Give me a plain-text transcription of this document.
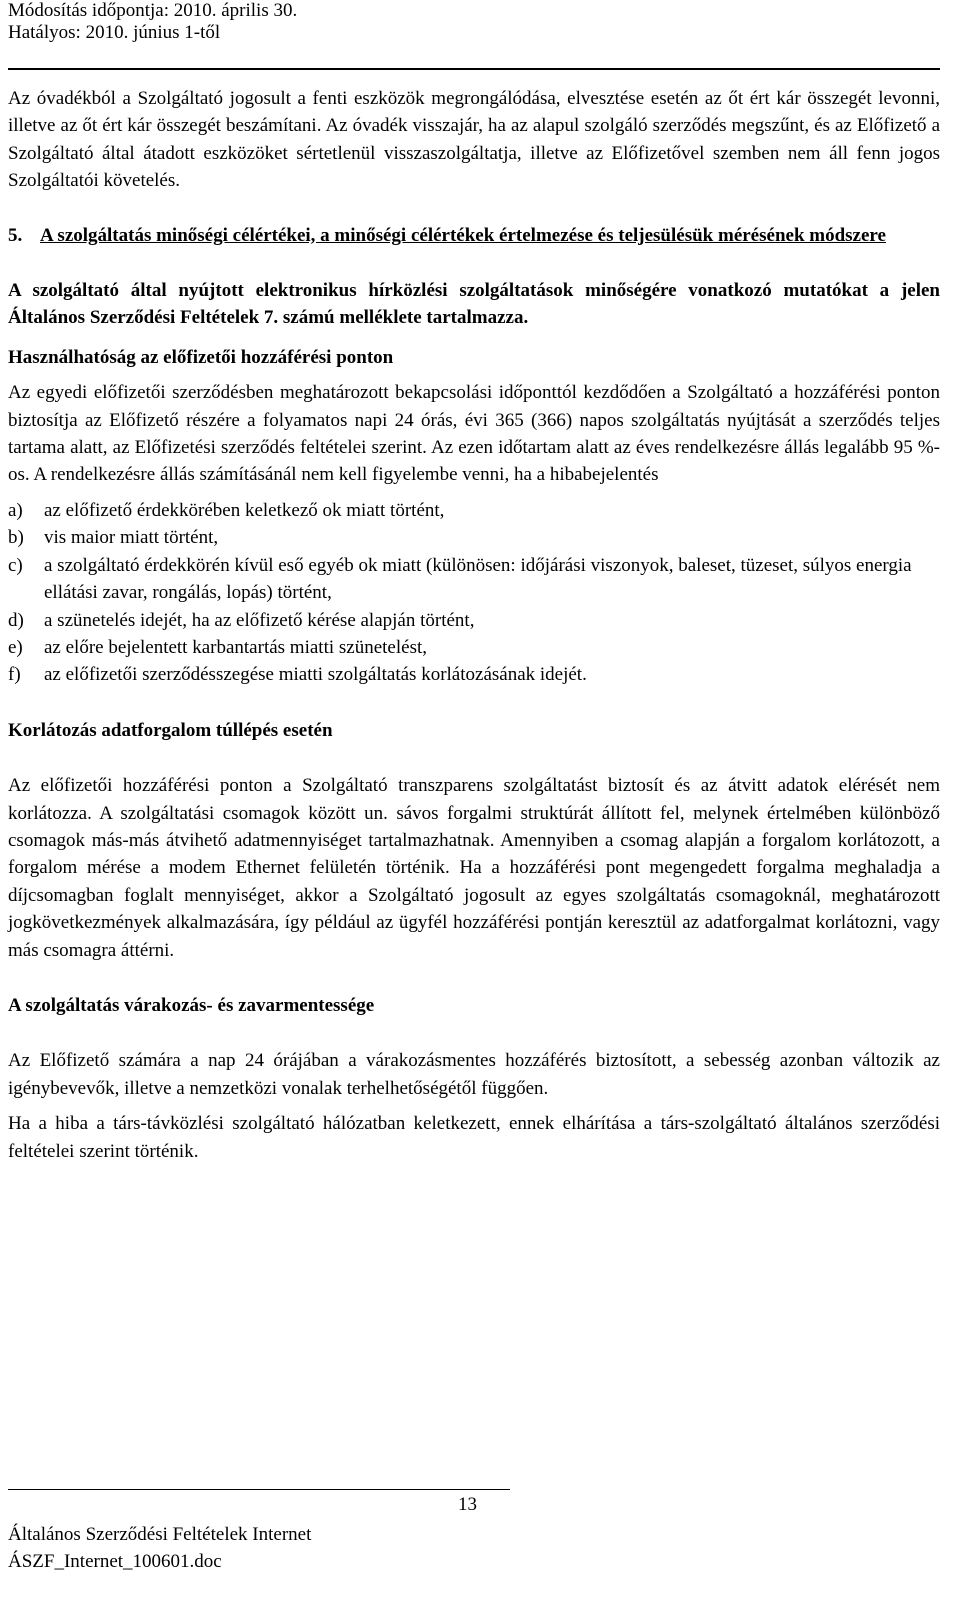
Módosítás időpontja: 2010. április 30.
Hatályos: 2010. június 1-től

Az óvadékból a Szolgáltató jogosult a fenti eszközök megrongálódása, elvesztése esetén az őt ért kár összegét levonni, illetve az őt ért kár összegét beszámítani. Az óvadék visszajár, ha az alapul szolgáló szerződés megszűnt, és az Előfizető a Szolgáltató által átadott eszközöket sértetlenül visszaszolgáltatja, illetve az Előfizetővel szemben nem áll fenn jogos Szolgáltatói követelés.

5. A szolgáltatás minőségi célértékei, a minőségi célértékek értelmezése és teljesülésük mérésének módszere

A szolgáltató által nyújtott elektronikus hírközlési szolgáltatások minőségére vonatkozó mutatókat a jelen Általános Szerződési Feltételek 7. számú melléklete tartalmazza.

Használhatóság az előfizetői hozzáférési ponton

Az egyedi előfizetői szerződésben meghatározott bekapcsolási időponttól kezdődően a Szolgáltató a hozzáférési ponton biztosítja az Előfizető részére a folyamatos napi 24 órás, évi 365 (366) napos szolgáltatás nyújtását a szerződés teljes tartama alatt, az Előfizetési szerződés feltételei szerint. Az ezen időtartam alatt az éves rendelkezésre állás legalább 95 %-os. A rendelkezésre állás számításánál nem kell figyelembe venni, ha a hibabejelentés

a) az előfizető érdekkörében keletkező ok miatt történt,
b) vis maior miatt történt,
c) a szolgáltató érdekkörén kívül eső egyéb ok miatt (különösen: időjárási viszonyok, baleset, tüzeset, súlyos energia ellátási zavar, rongálás, lopás) történt,
d) a szünetelés idejét, ha az előfizető kérése alapján történt,
e) az előre bejelentett karbantartás miatti szünetelést,
f) az előfizetői szerződésszegése miatti szolgáltatás korlátozásának idejét.
Korlátozás adatforgalom túllépés esetén

Az előfizetői hozzáférési ponton a Szolgáltató transzparens szolgáltatást biztosít és az átvitt adatok elérését nem korlátozza. A szolgáltatási csomagok között un. sávos forgalmi struktúrát állított fel, melynek értelmében különböző csomagok más-más átvihető adatmennyiséget tartalmazhatnak. Amennyiben a csomag alapján a forgalom korlátozott, a forgalom mérése a modem Ethernet felületén történik. Ha a hozzáférési pont megengedett forgalma meghaladja a díjcsomagban foglalt mennyiséget, akkor a Szolgáltató jogosult az egyes szolgáltatás csomagoknál, meghatározott jogkövetkezmények alkalmazására, így például az ügyfél hozzáférési pontján keresztül az adatforgalmat korlátozni, vagy más csomagra áttérni.

A szolgáltatás várakozás- és zavarmentessége

Az Előfizető számára a nap 24 órájában a várakozásmentes hozzáférés biztosított, a sebesség azonban változik az igénybevevők, illetve a nemzetközi vonalak terhelhetőségétől függően.

Ha a hiba a társ-távközlési szolgáltató hálózatban keletkezett, ennek elhárítása a társ-szolgáltató általános szerződési feltételei szerint történik.

13
Általános Szerződési Feltételek Internet
ÁSZF_Internet_100601.doc
